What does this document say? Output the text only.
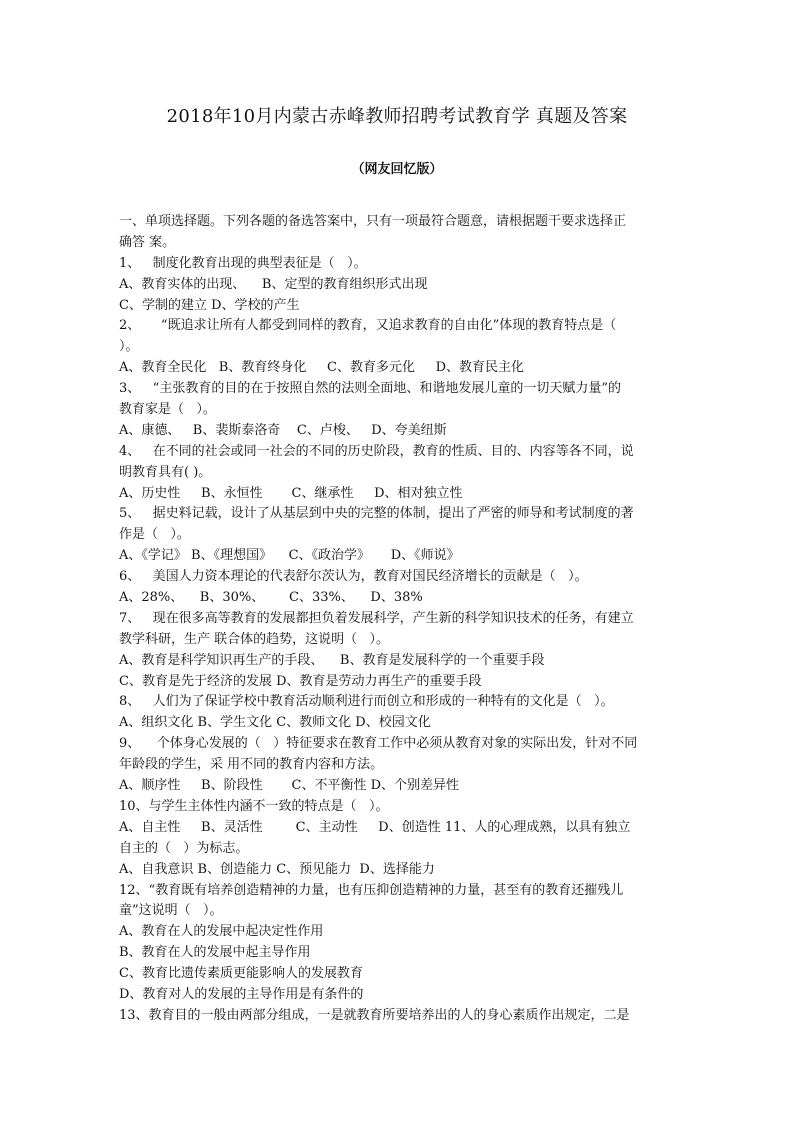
2018年10月内蒙古赤峰教师招聘考试教育学 真题及答案
（网友回忆版）
一、单项选择题。下列各题的备选答案中，只有一项最符合题意，请根据题干要求选择正
确答 案。
1、   制度化教育出现的典型表征是（   ）。
A、教育实体的出现、    B、定型的教育组织形式出现
C、学制的建立 D、学校的产生
2、     “既追求让所有人都受到同样的教育，又追求教育的自由化”体现的教育特点是（
）。
A、教育全民化   B、教育终身化     C、教育多元化     D、教育民主化
3、   “主张教育的目的在于按照自然的法则全面地、和谐地发展儿童的一切天赋力量”的
教育家是（   ）。
A、康德、   B、裴斯泰洛奇    C、卢梭、   D、夸美纽斯
4、   在不同的社会或同一社会的不同的历史阶段，教育的性质、目的、内容等各不同，说
明教育具有( )。
A、历史性     B、永恒性       C、继承性     D、相对独立性
5、   据史料记载，设计了从基层到中央的完整的体制，提出了严密的师导和考试制度的著
作是（   ）。
A、《学记》 B、《理想国》    C、《政治学》     D、《师说》
6、   美国人力资本理论的代表舒尔茨认为，教育对国民经济增长的贡献是（   ）。
A、28%、    B、30%、      C、33%、    D、38%
7、   现在很多高等教育的发展都担负着发展科学，产生新的科学知识技术的任务，有建立
教学科研，生产 联合体的趋势，这说明（   ）。
A、教育是科学知识再生产的手段、    B、教育是发展科学的一个重要手段
C、教育是先于经济的发展 D、教育是劳动力再生产的重要手段
8、   人们为了保证学校中教育活动顺利进行而创立和形成的一种特有的文化是（   ）。
A、组织文化 B、学生文化 C、教师文化 D、校园文化
9、    个体身心发展的（   ）特征要求在教育工作中必须从教育对象的实际出发，针对不同
年龄段的学生，采 用不同的教育内容和方法。
A、顺序性     B、阶段性       C、不平衡性 D、个别差异性
10、与学生主体性内涵不一致的特点是（   ）。
A、自主性     B、灵活性        C、主动性     D、创造性 11、人的心理成熟，以具有独立
自主的（   ）为标志。
A、自我意识 B、创造能力 C、预见能力  D、选择能力
12、“教育既有培养创造精神的力量，也有压抑创造精神的力量，甚至有的教育还摧残儿
童”这说明（   ）。
A、教育在人的发展中起决定性作用
B、教育在人的发展中起主导作用
C、教育比遗传素质更能影响人的发展教育
D、教育对人的发展的主导作用是有条件的
13、教育目的一般由两部分组成，一是就教育所要培养出的人的身心素质作出规定，二是
